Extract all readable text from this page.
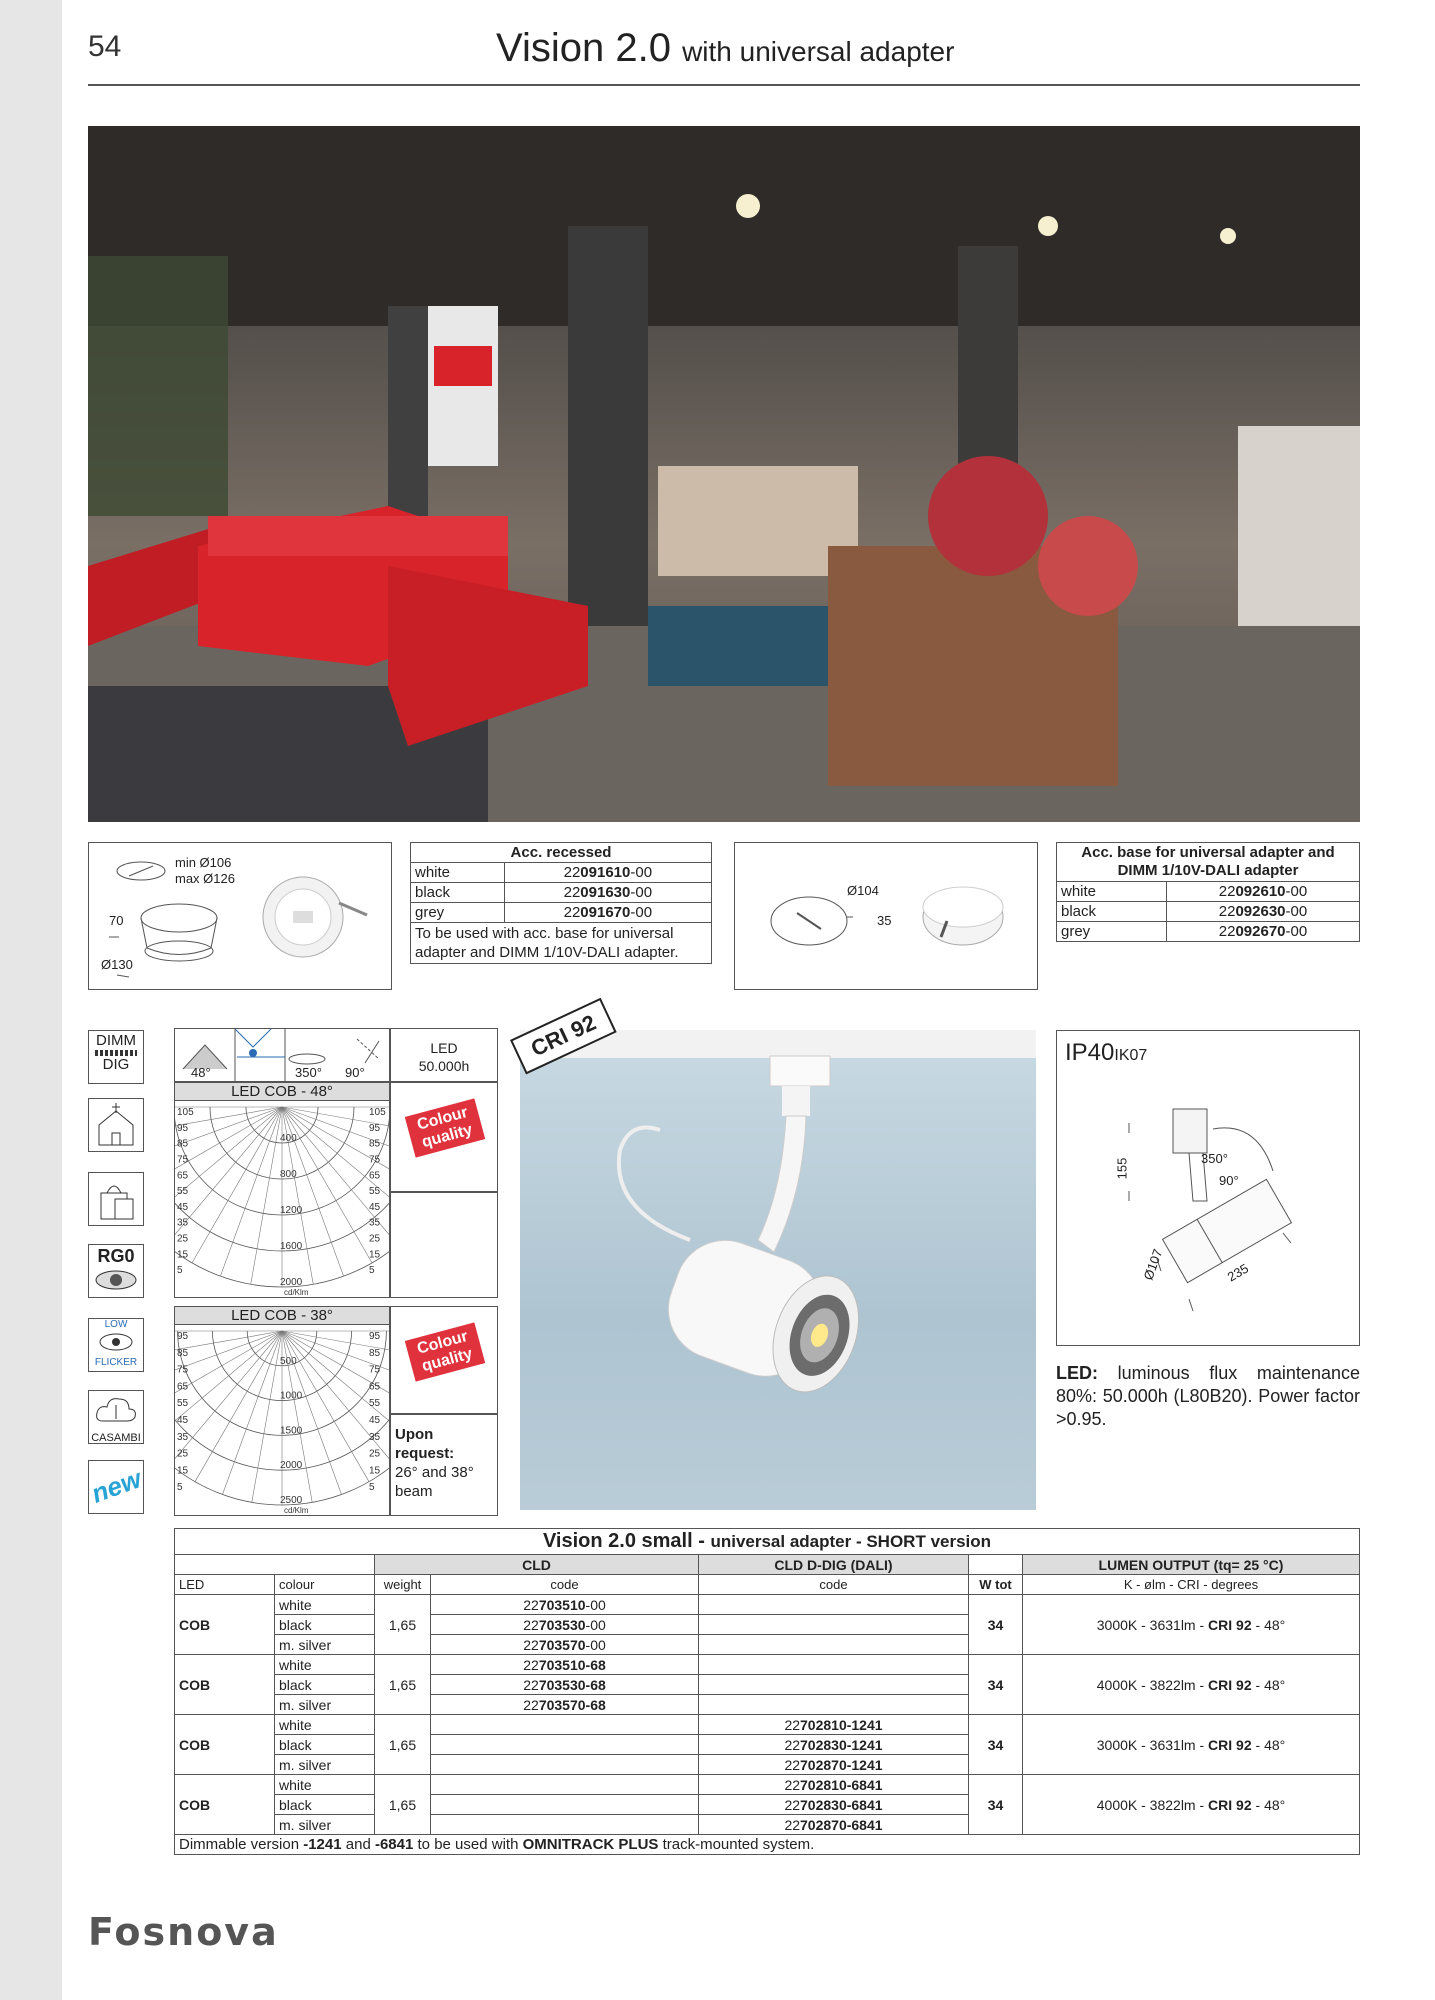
54	Vision 2.0 with universal adapter
min Ø106
max Ø126
70
Ø130
Acc. recessed	
white	22091610-00
black	22091630-00
grey	22091670-00
To be used with acc. base for universal adapter and DIMM 1/10V-DALI adapter.	
Ø104
35
Acc. base for universal adapter and DIMM 1/10V-DALI adapter	
white	22092610-00
black	22092630-00
grey	22092670-00
DIMM
DIG
RG0
LOW
FLICKER
CASAMBI
new
48°	350° 90°
LED
50.000h
LED COB - 48°
400
800
1200
1600
2000
105
95
85
75
65
55
45
35
25
15
5
105
95
85
75
65
55
45
35
25
15
5
cd/Klm
Colour quality
LED COB - 38°
500
1000
1500
2000
2500
95
85
75
65
55
45
35
25
15
5
95
85
75
65
55
45
35
25
15
5
cd/Klm
Colour quality
Upon request:
26° and 38° beam
CRI 92	IP40IK07
155	350°
90°
Ø107	235
LED: luminous flux maintenance 80%: 50.000h (L80B20). Power factor >0.95.
Vision 2.0 small - universal adapter - SHORT version						
		CLD		CLD D-DIG (DALI)		LUMEN OUTPUT (tq= 25 °C)
LED	colour	weight	code	code	W tot	K - ølm - CRI - degrees
COB	white	1,65	22703510-00		34	3000K - 3631lm - CRI 92 - 48°
	black		22703530-00			
	m. silver		22703570-00			
COB	white	1,65	22703510-68		34	4000K - 3822lm - CRI 92 - 48°
	black		22703530-68			
	m. silver		22703570-68			
COB	white	1,65		22702810-1241	34	3000K - 3631lm - CRI 92 - 48°
	black			22702830-1241		
	m. silver			22702870-1241		
COB	white	1,65		22702810-6841	34	4000K - 3822lm - CRI 92 - 48°
	black			22702830-6841		
	m. silver			22702870-6841		
Dimmable version -1241 and -6841 to be used with OMNITRACK PLUS track-mounted system.						
Fosnova
